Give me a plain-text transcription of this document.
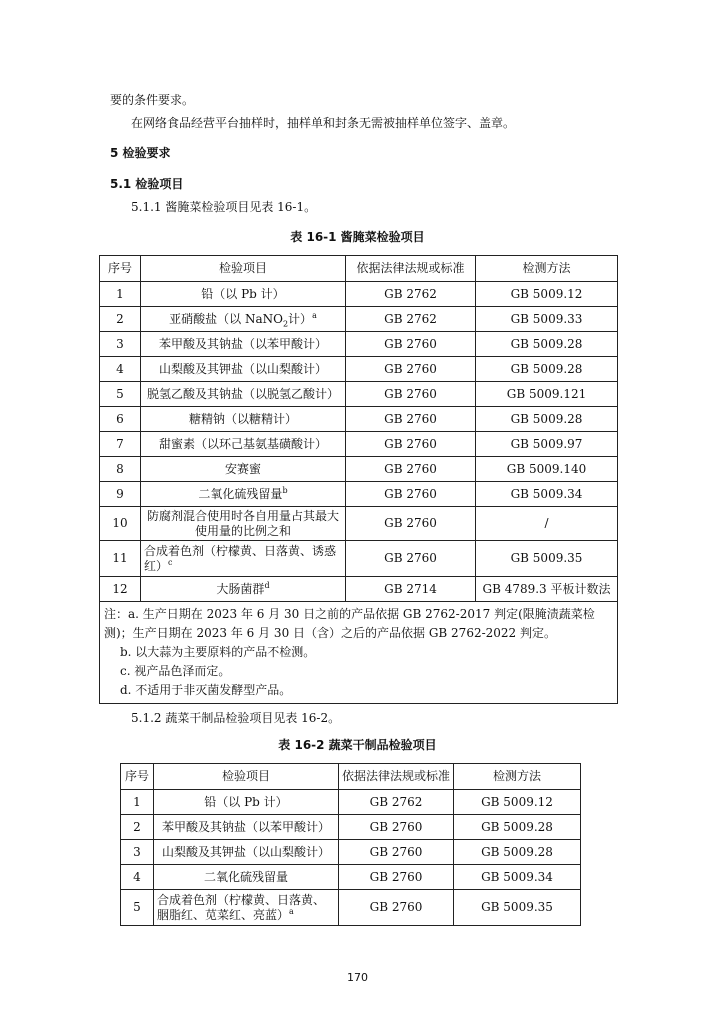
要的条件要求。
在网络食品经营平台抽样时，抽样单和封条无需被抽样单位签字、盖章。
5 检验要求
5.1 检验项目
5.1.1 酱腌菜检验项目见表 16-1。
表 16-1 酱腌菜检验项目
序号	检验项目	依据法律法规或标准	检测方法
1	铅（以 Pb 计）	GB 2762	GB 5009.12
2	亚硝酸盐（以 NaNO$_2$计）$^a$	GB 2762	GB 5009.33
3	苯甲酸及其钠盐（以苯甲酸计）	GB 2760	GB 5009.28
4	山梨酸及其钾盐（以山梨酸计）	GB 2760	GB 5009.28
5	脱氢乙酸及其钠盐（以脱氢乙酸计）	GB 2760	GB 5009.121
6	糖精钠（以糖精计）	GB 2760	GB 5009.28
7	甜蜜素（以环己基氨基磺酸计）	GB 2760	GB 5009.97
8	安赛蜜	GB 2760	GB 5009.140
9	二氧化硫残留量$^b$	GB 2760	GB 5009.34
10	防腐剂混合使用时各自用量占其最大使用量的比例之和	GB 2760	/
11	合成着色剂（柠檬黄、日落黄、诱惑红）$^c$	GB 2760	GB 5009.35
12	大肠菌群$^d$	GB 2714	GB 4789.3 平板计数法
注：a. 生产日期在 2023 年 6 月 30 日之前的产品依据 GB 2762-2017 判定(限腌渍蔬菜检测)；生产日期在 2023 年 6 月 30 日（含）之后的产品依据 GB 2762-2022 判定。
b. 以大蒜为主要原料的产品不检测。
c. 视产品色泽而定。
d. 不适用于非灭菌发酵型产品。			
5.1.2 蔬菜干制品检验项目见表 16-2。
表 16-2 蔬菜干制品检验项目
序号	检验项目	依据法律法规或标准	检测方法
1	铅（以 Pb 计）	GB 2762	GB 5009.12
2	苯甲酸及其钠盐（以苯甲酸计）	GB 2760	GB 5009.28
3	山梨酸及其钾盐（以山梨酸计）	GB 2760	GB 5009.28
4	二氧化硫残留量	GB 2760	GB 5009.34
5	合成着色剂（柠檬黄、日落黄、胭脂红、苋菜红、亮蓝）$^a$	GB 2760	GB 5009.35
170
